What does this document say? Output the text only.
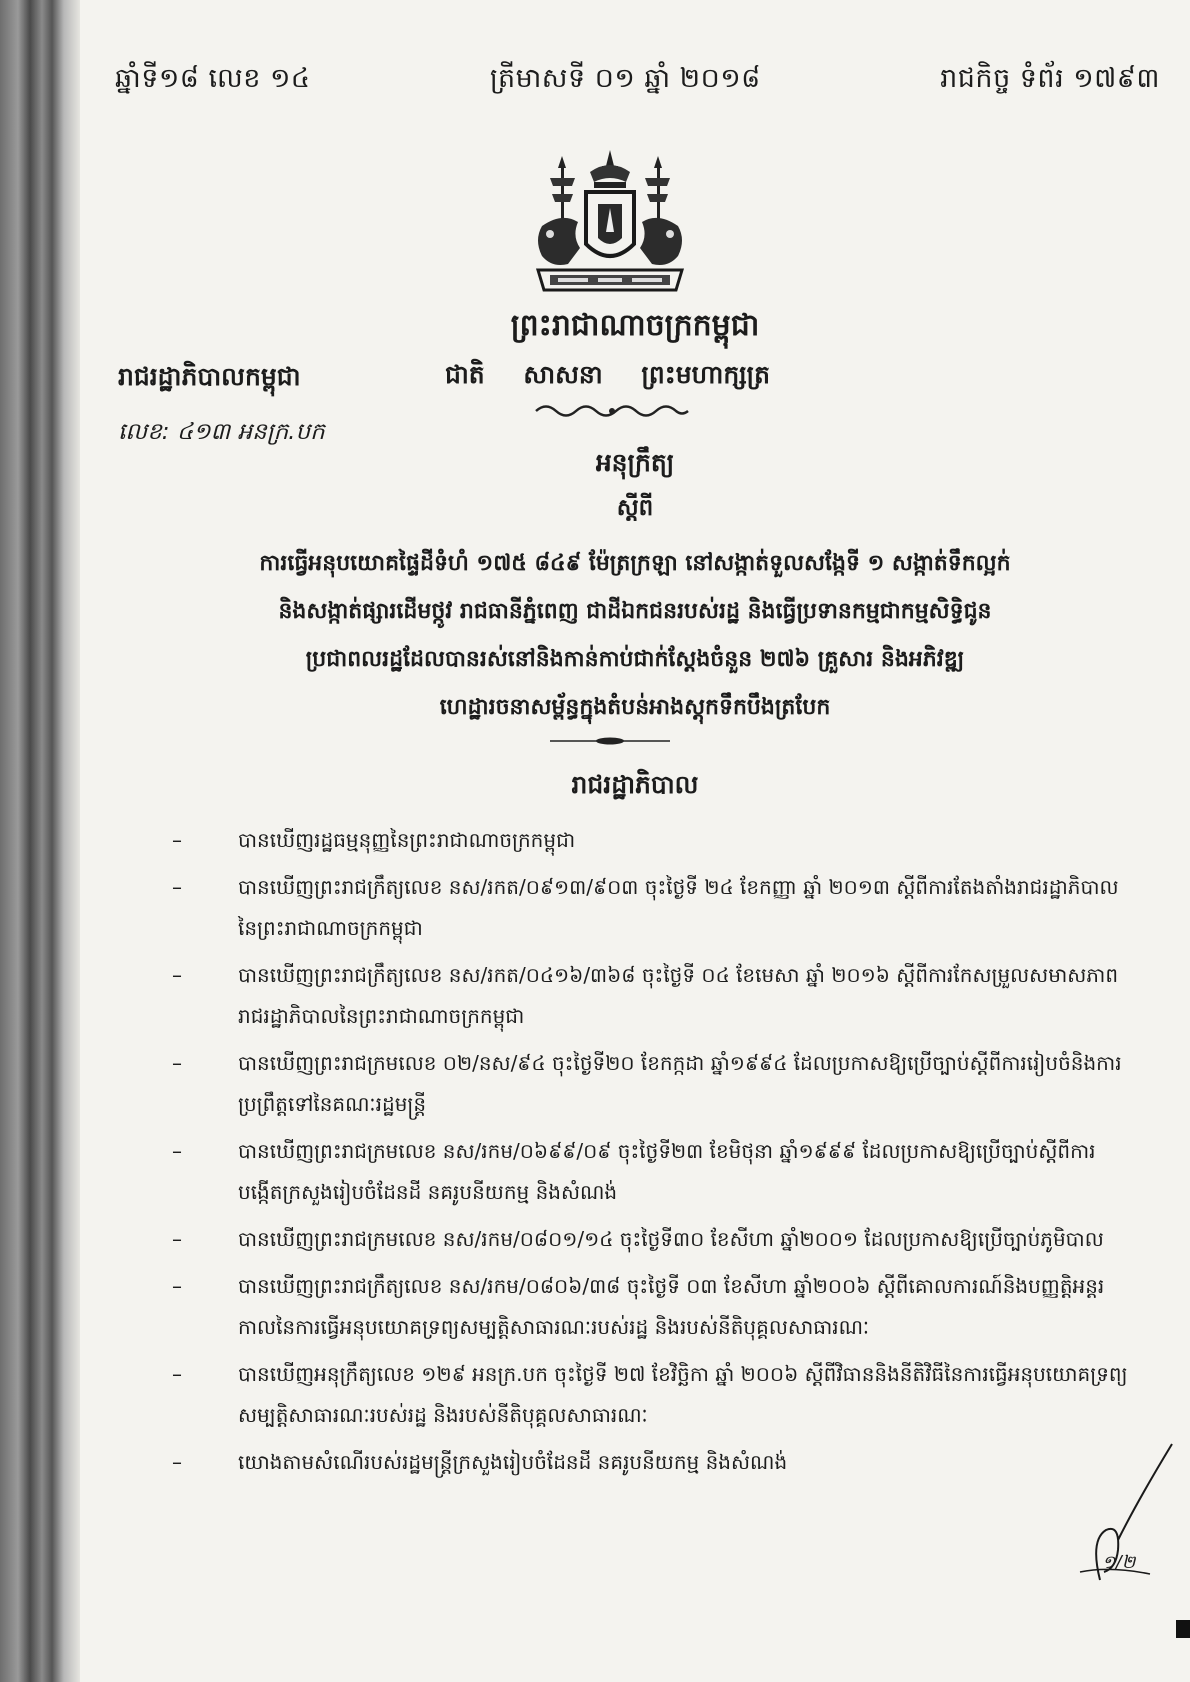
ឆ្នាំទី១៨ លេខ ១៤	ត្រីមាសទី ០១ ឆ្នាំ ២០១៨	រាជកិច្ច ទំព័រ ១៧៩៣
ព្រះរាជាណាចក្រកម្ពុជា
រាជរដ្ឋាភិបាលកម្ពុជា	ជាតិ សាសនា ព្រះមហាក្សត្រ
លេខ: ៤១៣ អនក្រ.បក
អនុក្រឹត្យ
ស្តីពី
ការធ្វើអនុបយោគផ្ទៃដីទំហំ ១៧៥ ៨៤៩ ម៉ែត្រក្រឡា នៅសង្កាត់ទួលសង្កែទី ១ សង្កាត់ទឹកល្អក់
និងសង្កាត់ផ្សារដើមថ្កូវ រាជធានីភ្នំពេញ ជាដីឯកជនរបស់រដ្ឋ និងធ្វើប្រទានកម្មជាកម្មសិទ្ធិជូន
ប្រជាពលរដ្ឋដែលបានរស់នៅនិងកាន់កាប់ជាក់ស្តែងចំនួន ២៧៦ គ្រួសារ និងអភិវឌ្ឍ
ហេដ្ឋារចនាសម្ព័ន្ធក្នុងតំបន់អាងស្តុកទឹកបឹងត្របែក
រាជរដ្ឋាភិបាល
–	បានឃើញរដ្ឋធម្មនុញ្ញនៃព្រះរាជាណាចក្រកម្ពុជា
–	បានឃើញព្រះរាជក្រឹត្យលេខ នស/រកត/០៩១៣/៩០៣ ចុះថ្ងៃទី ២៤ ខែកញ្ញា ឆ្នាំ ២០១៣ ស្តីពីការតែងតាំងរាជរដ្ឋាភិបាលនៃព្រះរាជាណាចក្រកម្ពុជា
–	បានឃើញព្រះរាជក្រឹត្យលេខ នស/រកត/០៤១៦/៣៦៨ ចុះថ្ងៃទី ០៤ ខែមេសា ឆ្នាំ ២០១៦ ស្តីពីការកែសម្រួលសមាសភាពរាជរដ្ឋាភិបាលនៃព្រះរាជាណាចក្រកម្ពុជា
–	បានឃើញព្រះរាជក្រមលេខ ០២/នស/៩៤ ចុះថ្ងៃទី២០ ខែកក្កដា ឆ្នាំ១៩៩៤ ដែលប្រកាសឱ្យប្រើច្បាប់ស្តីពីការរៀបចំនិងការប្រព្រឹត្តទៅនៃគណៈរដ្ឋមន្ត្រី
–	បានឃើញព្រះរាជក្រមលេខ នស/រកម/០៦៩៩/០៩ ចុះថ្ងៃទី២៣ ខែមិថុនា ឆ្នាំ១៩៩៩ ដែលប្រកាសឱ្យប្រើច្បាប់ស្តីពីការបង្កើតក្រសួងរៀបចំដែនដី នគរូបនីយកម្ម និងសំណង់
–	បានឃើញព្រះរាជក្រមលេខ នស/រកម/០៨០១/១៤ ចុះថ្ងៃទី៣០ ខែសីហា ឆ្នាំ២០០១ ដែលប្រកាសឱ្យប្រើច្បាប់ភូមិបាល
–	បានឃើញព្រះរាជក្រឹត្យលេខ នស/រកម/០៨០៦/៣៨ ចុះថ្ងៃទី ០៣ ខែសីហា ឆ្នាំ២០០៦ ស្តីពីគោលការណ៍និងបញ្ញត្តិអន្តរកាលនៃការធ្វើអនុបយោគទ្រព្យសម្បត្តិសាធារណៈរបស់រដ្ឋ និងរបស់នីតិបុគ្គលសាធារណៈ
–	បានឃើញអនុក្រឹត្យលេខ ១២៩ អនក្រ.បក ចុះថ្ងៃទី ២៧ ខែវិច្ឆិកា ឆ្នាំ ២០០៦ ស្តីពីវិធាននិងនីតិវិធីនៃការធ្វើអនុបយោគទ្រព្យសម្បត្តិសាធារណៈរបស់រដ្ឋ និងរបស់នីតិបុគ្គលសាធារណៈ
–	យោងតាមសំណើរបស់រដ្ឋមន្ត្រីក្រសួងរៀបចំដែនដី នគរូបនីយកម្ម និងសំណង់
១/២
